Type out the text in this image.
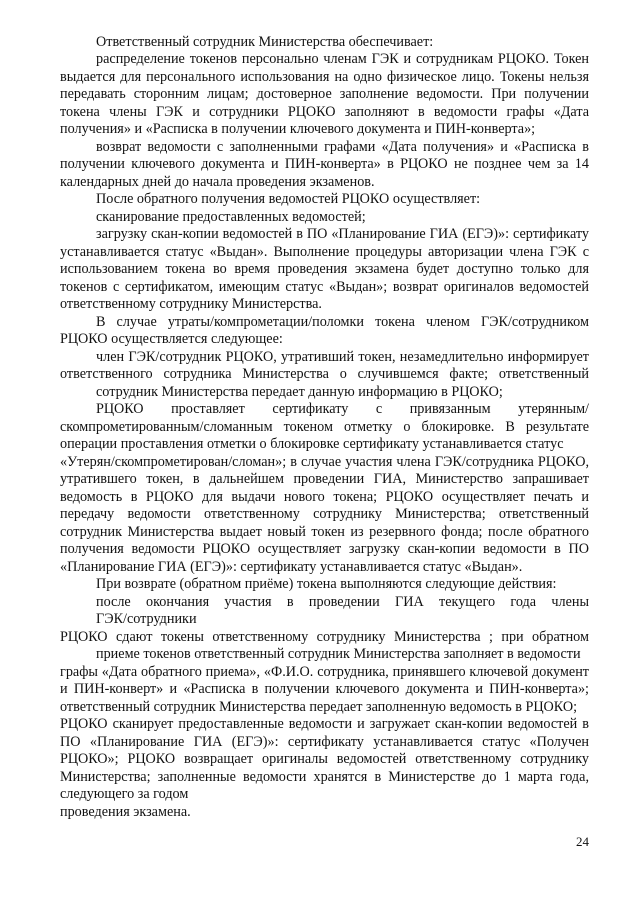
Ответственный сотрудник Министерства обеспечивает:
распределение токенов персонально членам ГЭК и сотрудникам РЦОКО. Токен
выдается для персонального использования на одно физическое лицо. Токены нельзя
передавать сторонним лицам; достоверное заполнение ведомости. При получении
токена члены ГЭК и сотрудники РЦОКО заполняют в ведомости графы «Дата
получения» и «Расписка в получении ключевого документа и ПИН-конверта»;
возврат ведомости с заполненными графами «Дата получения» и «Расписка в
получении ключевого документа и ПИН-конверта» в РЦОКО не позднее чем за 14
календарных дней до начала проведения экзаменов.
После обратного получения ведомостей РЦОКО осуществляет:
сканирование предоставленных ведомостей;
загрузку скан-копии ведомостей в ПО «Планирование ГИА (ЕГЭ)»: сертификату
устанавливается статус «Выдан». Выполнение процедуры авторизации члена ГЭК с
использованием токена во время проведения экзамена будет доступно только для
токенов с сертификатом, имеющим статус «Выдан»; возврат оригиналов ведомостей
ответственному сотруднику Министерства.
В случае утраты/компрометации/поломки токена членом ГЭК/сотрудником
РЦОКО осуществляется следующее:
член ГЭК/сотрудник РЦОКО, утративший токен, незамедлительно информирует
ответственного сотрудника Министерства о случившемся факте; ответственный
сотрудник Министерства передает данную информацию в РЦОКО;
РЦОКО проставляет сертификату с привязанным утерянным/
скомпрометированным/сломанным токеном отметку о блокировке. В результате
операции проставления отметки о блокировке сертификату устанавливается статус
«Утерян/скомпрометирован/сломан»; в случае участия члена ГЭК/сотрудника РЦОКО,
утратившего токен, в дальнейшем проведении ГИА, Министерство запрашивает
ведомость в РЦОКО для выдачи нового токена; РЦОКО осуществляет печать и
передачу ведомости ответственному сотруднику Министерства; ответственный
сотрудник Министерства выдает новый токен из резервного фонда; после обратного
получения ведомости РЦОКО осуществляет загрузку скан-копии ведомости в ПО
«Планирование ГИА (ЕГЭ)»: сертификату устанавливается статус «Выдан».
При возврате (обратном приёме) токена выполняются следующие действия:
после окончания участия в проведении ГИА текущего года члены
ГЭК/сотрудники
РЦОКО сдают токены ответственному сотруднику Министерства ; при обратном
приеме токенов ответственный сотрудник Министерства заполняет в ведомости
графы «Дата обратного приема», «Ф.И.О. сотрудника, принявшего ключевой документ
и ПИН-конверт» и «Расписка в получении ключевого документа и ПИН-конверта»;
ответственный сотрудник Министерства передает заполненную ведомость в РЦОКО;
РЦОКО сканирует предоставленные ведомости и загружает скан-копии ведомостей в
ПО «Планирование ГИА (ЕГЭ)»: сертификату устанавливается статус «Получен
РЦОКО»; РЦОКО возвращает оригиналы ведомостей ответственному сотруднику
Министерства; заполненные ведомости хранятся в Министерстве до 1 марта года,
следующего за годом
проведения экзамена.
24
